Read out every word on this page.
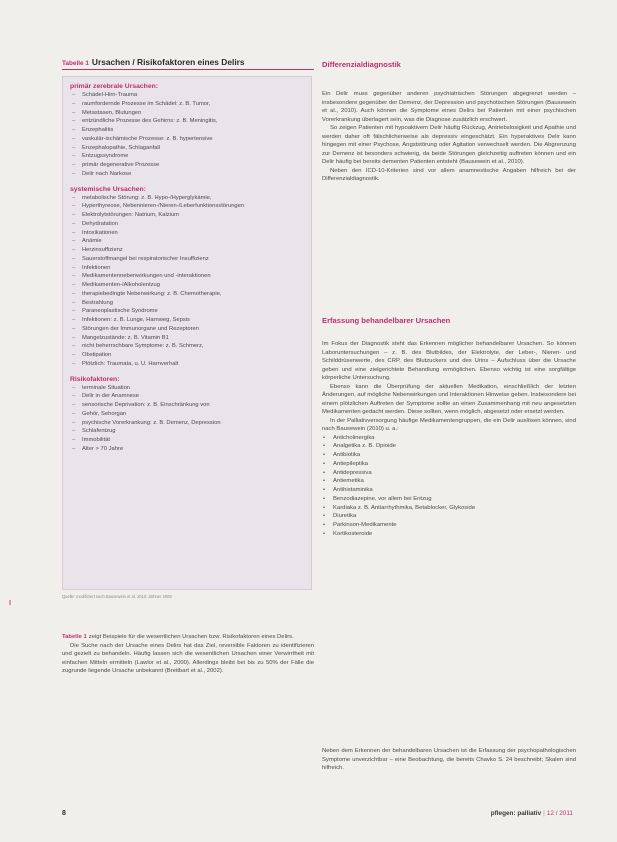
Tabelle 1 Ursachen / Risikofaktoren eines Delirs
primär zerebrale Ursachen:
– Schädel-Hirn-Trauma
– raumfordernde Prozesse im Schädel: z. B. Tumor,
– Metastasen, Blutungen
– entzündliche Prozesse des Gehirns: z. B. Meningitis,
– Enzephalitis
– vaskulär-ischämische Prozesse: z. B. hypertensive
– Enzephalopathie, Schlaganfall
– Entzugssyndrome
– primär degenerative Prozesse
– Delir nach Narkose
systemische Ursachen:
– metabolische Störung: z. B. Hypo-/Hyperglykämie,
– Hyperthyreose, Nebennieren-/Nieren-/Leberfunktionsstörungen
– Elektrolytstörungen: Natrium, Kalzium
– Dehydratation
– Intoxikationen
– Anämie
– Herzinsuffizienz
– Sauerstoffmangel bei respiratorischer Insuffizienz
– Infektionen
– Medikamentennebenwirkungen und -interaktionen
– Medikamenten-/Alkoholentzug
– therapiebedingte Nebenwirkung: z. B. Chemotherapie,
– Bestrahlung
– Paraneoplastische Syndrome
– Infektionen: z. B. Lunge, Harnweg, Sepsis
– Störungen der Immunorgane und Rezeptoren
– Mangelzustände: z. B. Vitamin B1
– nicht beherrschbare Symptome: z. B. Schmerz,
– Obstipation
– Plötzlich: Traumata, u. U. Harnverhalt
Risikofaktoren:
– terminale Situation
– Delir in der Anamnese
– sensorische Deprivation: z. B. Einschränkung von
– Gehör, Sehorgan
– psychische Vorerkrankung: z. B. Demenz, Depression
– Schlafentzug
– Immobilität
– Alter > 70 Jahre
Quelle: modifiziert nach Bausewein et al. 2010; Zehner 2009

Tabelle 1 zeigt Beispiele für die wesentlichen Ursachen bzw. Risikofaktoren eines Delirs.

Die Suche nach der Ursache eines Delirs hat das Ziel, reversible Faktoren zu identifizieren und gezielt zu behandeln. Häufig lassen sich die wesentlichen Ursachen einer Verwirrtheit mit einfachen Mitteln ermitteln (Lawlor et al., 2000). Allerdings bleibt bei bis zu 50% der Fälle die zugrunde liegende Ursache unbekannt (Breitbart et al., 2002).

8
Differenzialdiagnostik

Ein Delir muss gegenüber anderen psychiatrischen Störungen abgegrenzt werden – insbesondere gegenüber der Demenz, der Depression und psychotischen Störungen (Bausewein et al., 2010). Auch können die Symptome eines Delirs bei Patienten mit einer psychischen Vorerkrankung überlagert sein, was die Diagnose zusätzlich erschwert.

So zeigen Patienten mit hypoaktivem Delir häufig Rückzug, Antriebslosigkeit und Apathie und werden daher oft fälschlicherweise als depressiv eingeschätzt. Ein hyperaktives Delir kann hingegen mit einer Psychose, Angststörung oder Agitation verwechselt werden. Die Abgrenzung zur Demenz ist besonders schwierig, da beide Störungen gleichzeitig auftreten können und ein Delir häufig bei bereits dementen Patienten entsteht (Bausewein et al., 2010).

Neben den ICD-10-Kriterien sind vor allem anamnestische Angaben hilfreich bei der Differenzialdiagnostik.

Erfassung behandelbarer Ursachen

Im Fokus der Diagnostik steht das Erkennen möglicher behandelbarer Ursachen. So können Laboruntersuchungen – z. B. des Blutbildes, der Elektrolyte, der Leber-, Nieren- und Schilddrüsenwerte, des CRP, des Blutzuckers und des Urins – Aufschluss über die Ursache geben und eine zielgerichtete Behandlung ermöglichen. Ebenso wichtig ist eine sorgfältige körperliche Untersuchung.

Ebenso kann die Überprüfung der aktuellen Medikation, einschließlich der letzten Änderungen, auf mögliche Nebenwirkungen und Interaktionen Hinweise geben. Insbesondere bei einem plötzlichen Auftreten der Symptome sollte an einen Zusammenhang mit neu angesetzten Medikamenten gedacht werden. Diese sollten, wenn möglich, abgesetzt oder ersetzt werden.

In der Palliativversorgung häufige Medikamentengruppen, die ein Delir auslösen können, sind nach Bausewein (2010) u. a.:

• Anticholinergika
• Analgetika z. B. Opioide
• Antibiotika
• Antiepileptika
• Antidepressiva
• Antiemetika
• Antihistaminika
• Benzodiazepine, vor allem bei Entzug
• Kardiaka z. B. Antiarrhythmika, Betablocker, Glykoside
• Diuretika
• Parkinson-Medikamente
• Kortikosteroide

Neben dem Erkennen der behandelbaren Ursachen ist die Erfassung der psychopathologischen Symptome unverzichtbar – eine Beobachtung, die bereits Chavko S. 24 beschreibt; Skalen sind hilfreich.

pflegen: palliativ | 12 / 2011
